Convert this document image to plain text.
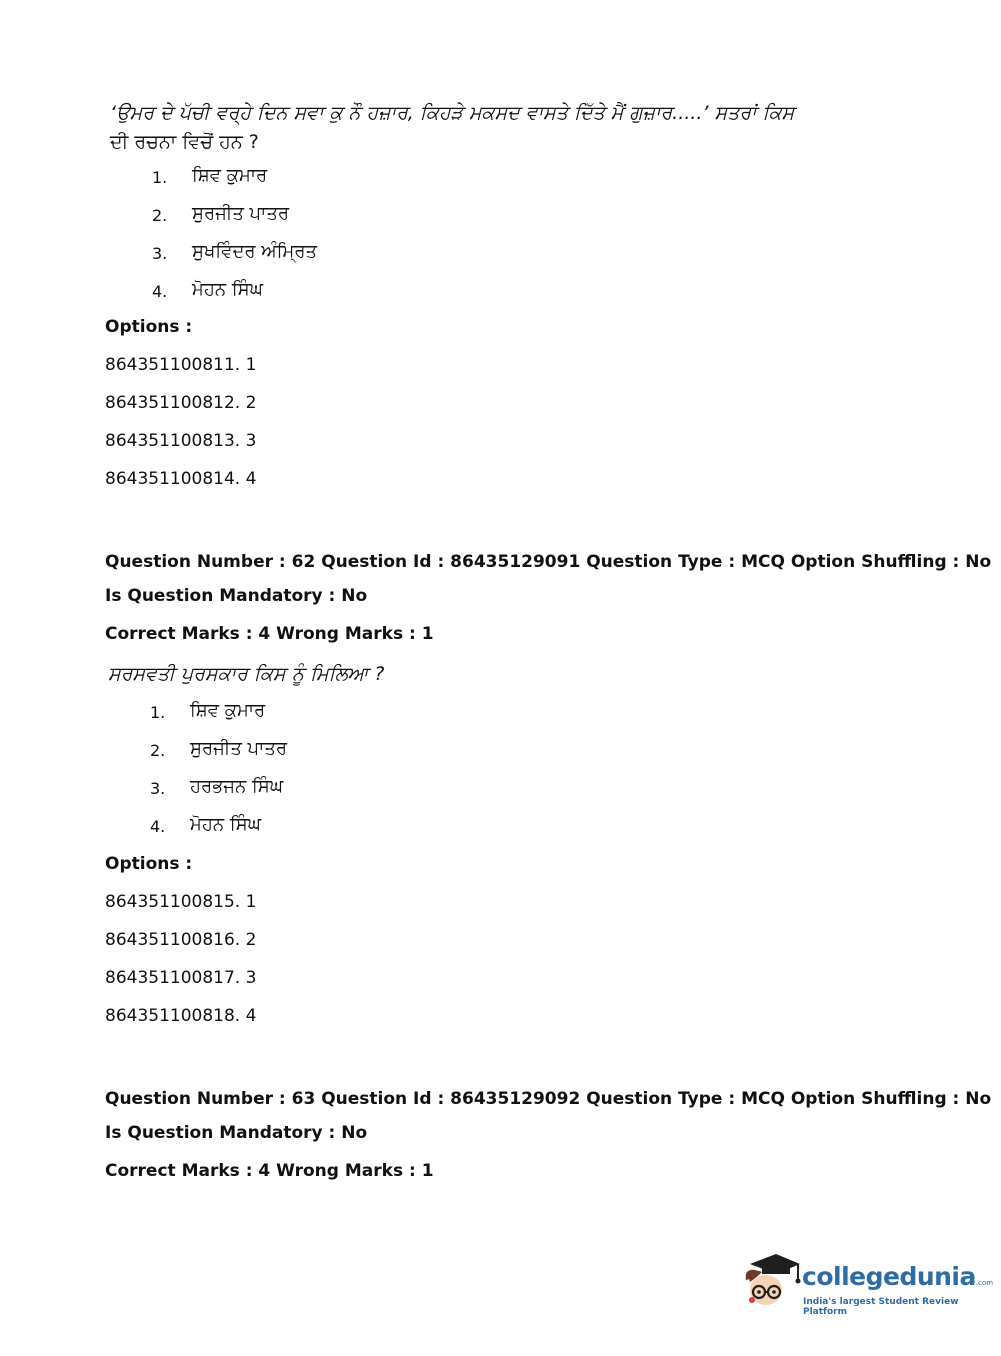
‘ਉਮਰ ਦੇ ਪੱਚੀ ਵਰ੍ਹੇ ਦਿਨ ਸਵਾ ਕੁ ਨੌ ਹਜ਼ਾਰ, ਕਿਹੜੇ ਮਕਸਦ ਵਾਸਤੇ ਦਿੱਤੇ ਮੈਂ ਗੁਜ਼ਾਰ.....’ ਸਤਰਾਂ ਕਿਸ
ਦੀ ਰਚਨਾ ਵਿਚੋਂ ਹਨ ?
1. ਸ਼ਿਵ ਕੁਮਾਰ
2. ਸੁਰਜੀਤ ਪਾਤਰ
3. ਸੁਖਵਿੰਦਰ ਅੰਮ੍ਰਿਤ
4. ਮੋਹਨ ਸਿੰਘ
Options :
864351100811. 1
864351100812. 2
864351100813. 3
864351100814. 4
Question Number : 62 Question Id : 86435129091 Question Type : MCQ Option Shuffling : No
Is Question Mandatory : No
Correct Marks : 4 Wrong Marks : 1
ਸਰਸਵਤੀ ਪੁਰਸਕਾਰ ਕਿਸ ਨੂੰ ਮਿਲਿਆ ?
1. ਸ਼ਿਵ ਕੁਮਾਰ
2. ਸੁਰਜੀਤ ਪਾਤਰ
3. ਹਰਭਜਨ ਸਿੰਘ
4. ਮੋਹਨ ਸਿੰਘ
Options :
864351100815. 1
864351100816. 2
864351100817. 3
864351100818. 4
Question Number : 63 Question Id : 86435129092 Question Type : MCQ Option Shuffling : No
Is Question Mandatory : No
Correct Marks : 4 Wrong Marks : 1
collegedunia.com
India's largest Student Review Platform
